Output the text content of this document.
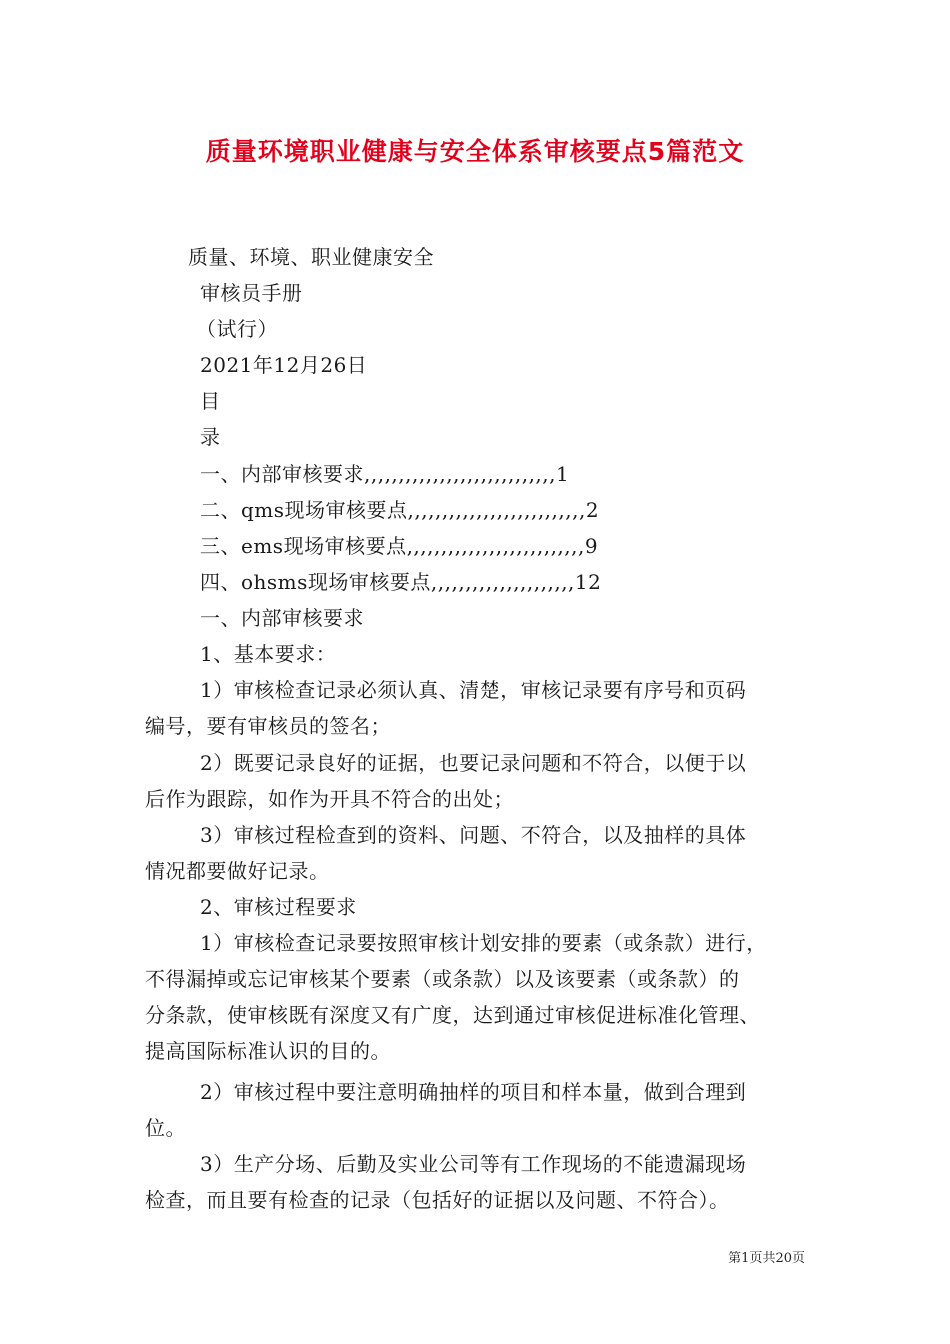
质量环境职业健康与安全体系审核要点5篇范文
质量、环境、职业健康安全
审核员手册
（试行）
2021年12月26日
目
录
一、内部审核要求,,,,,,,,,,,,,,,,,,,,,,,,,,,,1
二、qms现场审核要点,,,,,,,,,,,,,,,,,,,,,,,,,,2
三、ems现场审核要点,,,,,,,,,,,,,,,,,,,,,,,,,,9
四、ohsms现场审核要点,,,,,,,,,,,,,,,,,,,,,12
一、内部审核要求
1、基本要求：
1）审核检查记录必须认真、清楚，审核记录要有序号和页码
编号，要有审核员的签名；
2）既要记录良好的证据，也要记录问题和不符合，以便于以
后作为跟踪，如作为开具不符合的出处；
3）审核过程检查到的资料、问题、不符合，以及抽样的具体
情况都要做好记录。
2、审核过程要求
1）审核检查记录要按照审核计划安排的要素（或条款）进行，
不得漏掉或忘记审核某个要素（或条款）以及该要素（或条款）的
分条款，使审核既有深度又有广度，达到通过审核促进标准化管理、
提高国际标准认识的目的。
2）审核过程中要注意明确抽样的项目和样本量，做到合理到
位。
3）生产分场、后勤及实业公司等有工作现场的不能遗漏现场
检查，而且要有检查的记录（包括好的证据以及问题、不符合）。
第1页共20页
